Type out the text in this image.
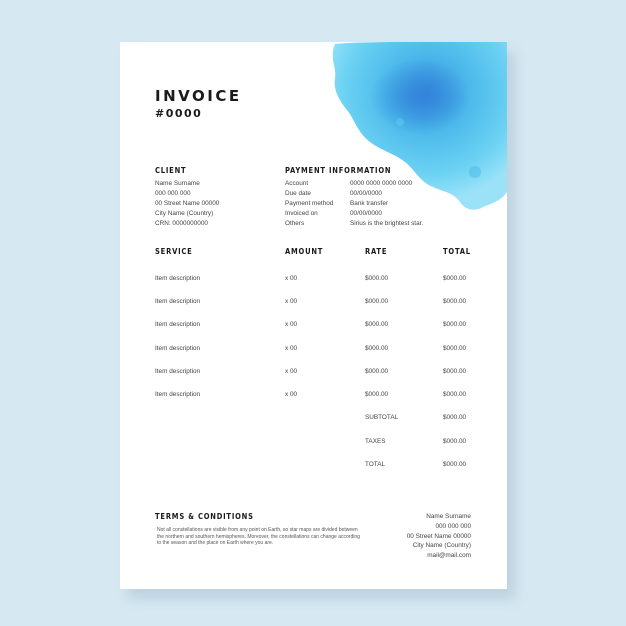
INVOICE
#0000
CLIENT
Name Surname
000 000 000
00 Street Name 00000
City Name (Country)
CRN: 0000000000
PAYMENT INFORMATION
Account	0000 0000 0000 0000
Due date	00/00/0000
Payment method	Bank transfer
Invoiced on	00/00/0000
Others	Sirius is the brightest star.
SERVICE	AMOUNT	RATE	TOTAL
Item description	x 00	$000.00	$000.00
Item description	x 00	$000.00	$000.00
Item description	x 00	$000.00	$000.00
Item description	x 00	$000.00	$000.00
Item description	x 00	$000.00	$000.00
Item description	x 00	$000.00	$000.00
SUBTOTAL	$000.00
TAXES	$000.00
TOTAL	$000.00
TERMS & CONDITIONS
Not all constellations are visible from any point on Earth, so star maps are divided between the northern and southern hemispheres. Moreover, the constellations can change according to the season and the place on Earth where you are.
Name Surname
000 000 000
00 Street Name 00000
City Name (Country)
mail@mail.com
